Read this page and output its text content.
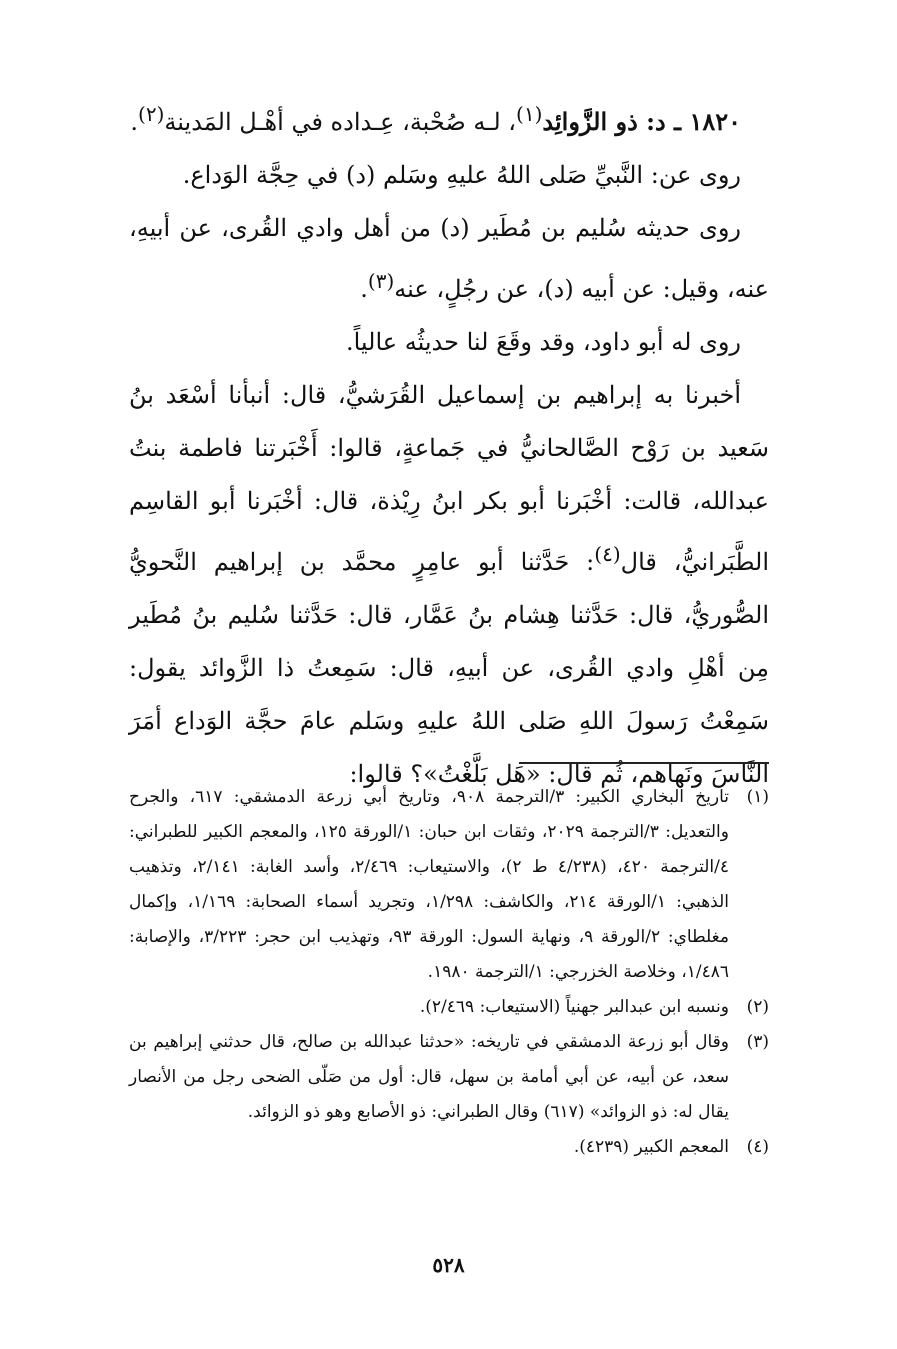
١٨٢٠ ـ د: ذو الزَّوائِد$^{(١)}$، لـه صُحْبة، عِـداده في أهْـل المَدينة$^{(٢)}$.

روى عن: النَّبيِّ صَلى اللهُ عليهِ وسَلم (د) في حِجَّة الوَداع.

روى حديثه سُليم بن مُطَير (د) من أهل وادي القُرى، عن أبيهِ، عنه، وقيل: عن أبيه (د)، عن رجُلٍ، عنه$^{(٣)}$.

روى له أبو داود، وقد وقَعَ لنا حديثُه عالياً.

أخبرنا به إبراهيم بن إسماعيل القُرَشيُّ، قال: أنبأنا أسْعَد بنُ سَعيد بن رَوْح الصَّالحانيُّ في جَماعةٍ، قالوا: أَخْبَرتنا فاطمة بنتُ عبدالله، قالت: أخْبَرنا أبو بكر ابنُ رِيْذة، قال: أخْبَرنا أبو القاسِم الطَّبَرانيُّ، قال$^{(٤)}$: حَدَّثنا أبو عامِرٍ محمَّد بن إبراهيم النَّحويُّ الصُّوريُّ، قال: حَدَّثنا هِشام بنُ عَمَّار، قال: حَدَّثنا سُليم بنُ مُطَير مِن أهْلِ وادي القُرى، عن أبيهِ، قال: سَمِعتُ ذا الزَّوائد يقول: سَمِعْتُ رَسولَ اللهِ صَلى اللهُ عليهِ وسَلم عامَ حجَّة الوَداع أمَرَ النَّاسَ ونَهاهم، ثُم قال: «هَل بَلَّغْتُ»؟ قالوا:

(١)تاريخ البخاري الكبير: ٣/الترجمة ٩٠٨، وتاريخ أبي زرعة الدمشقي: ٦١٧، والجرح والتعديل: ٣/الترجمة ٢٠٢٩، وثقات ابن حبان: ١/الورقة ١٢٥، والمعجم الكبير للطبراني: ٤/الترجمة ٤٢٠، (٤/٢٣٨ ط ٢)، والاستيعاب: ٢/٤٦٩، وأسد الغابة: ٢/١٤١، وتذهيب الذهبي: ١/الورقة ٢١٤، والكاشف: ١/٢٩٨، وتجريد أسماء الصحابة: ١/١٦٩، وإكمال مغلطاي: ٢/الورقة ٩، ونهاية السول: الورقة ٩٣، وتهذيب ابن حجر: ٣/٢٢٣، والإصابة: ١/٤٨٦، وخلاصة الخزرجي: ١/الترجمة ١٩٨٠.

(٢)ونسبه ابن عبدالبر جهنياً (الاستيعاب: ٢/٤٦٩).

(٣)وقال أبو زرعة الدمشقي في تاريخه: «حدثنا عبدالله بن صالح، قال حدثني إبراهيم بن سعد، عن أبيه، عن أبي أمامة بن سهل، قال: أول من صَلّى الضحى رجل من الأنصار يقال له: ذو الزوائد» (٦١٧) وقال الطبراني: ذو الأصابع وهو ذو الزوائد.

(٤)المعجم الكبير (٤٢٣٩).

٥٢٨
